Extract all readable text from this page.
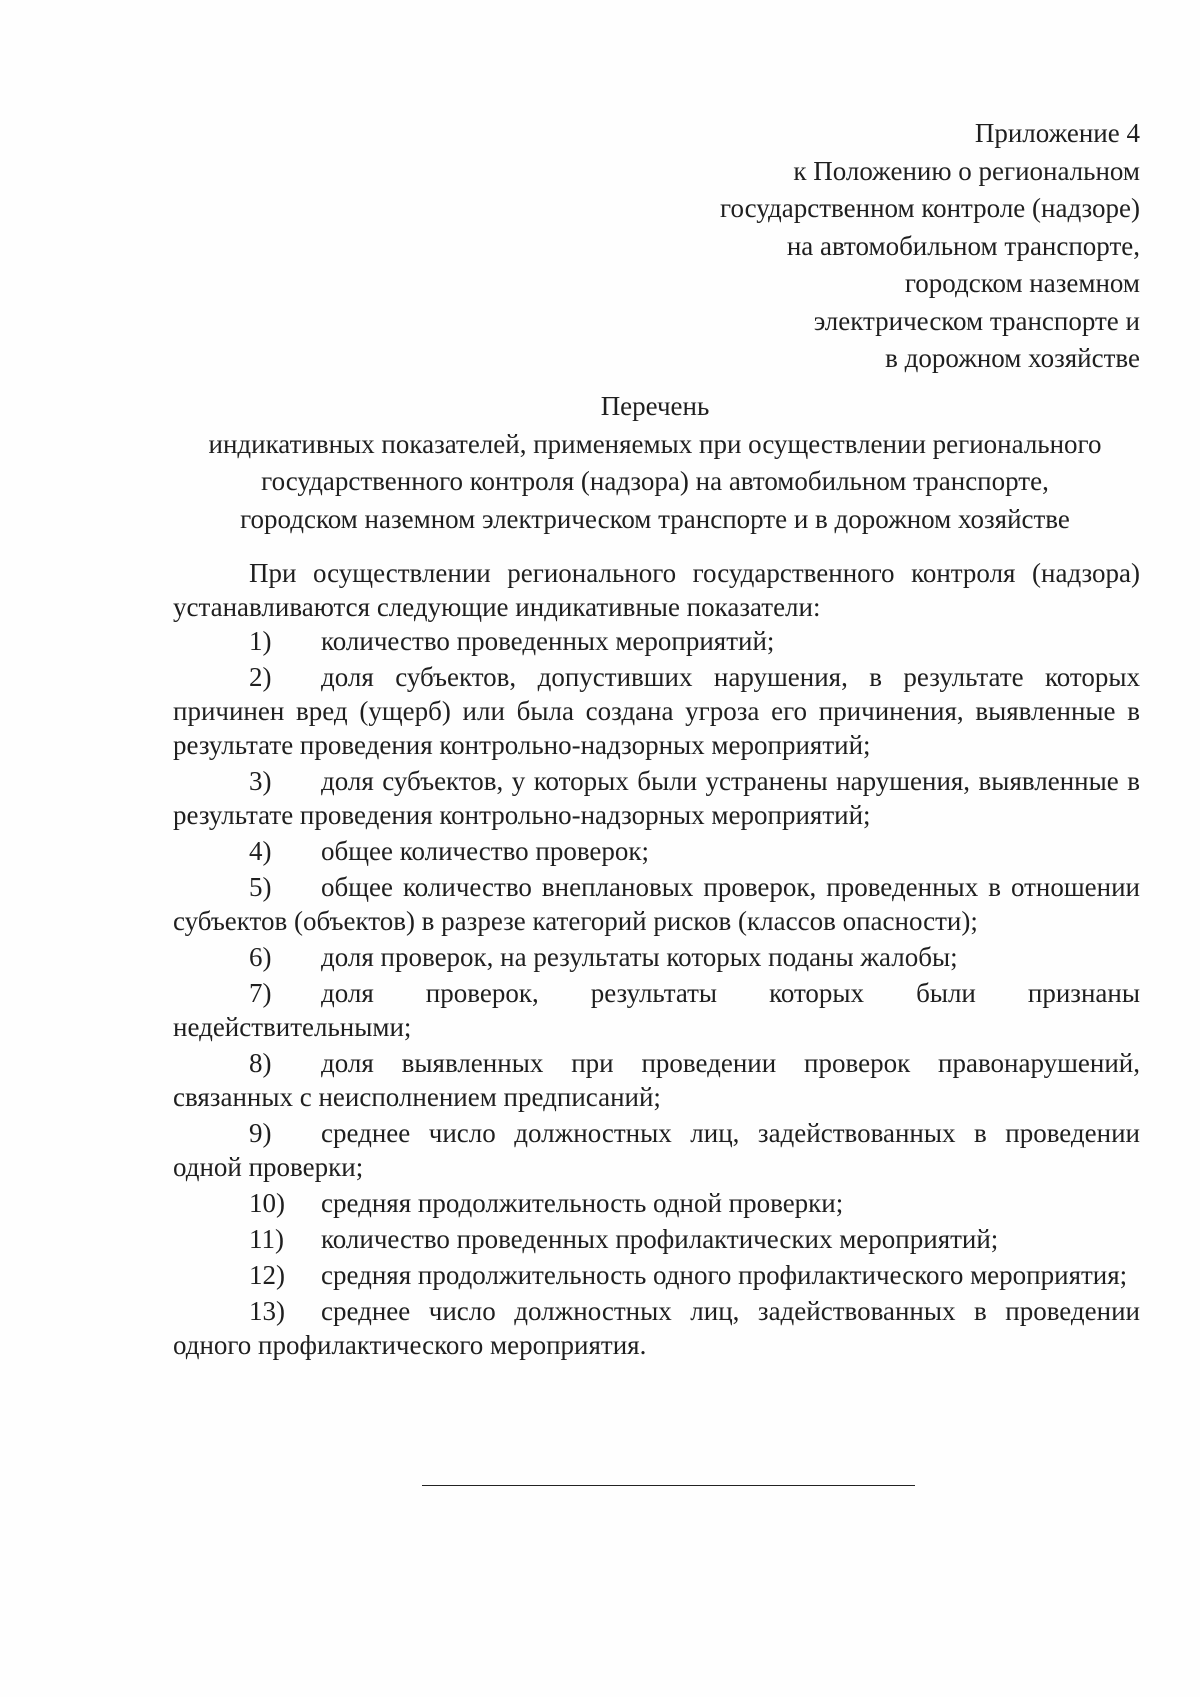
Приложение 4
к Положению о региональном
государственном контроле (надзоре)
на автомобильном транспорте,
городском наземном
электрическом транспорте и
в дорожном хозяйстве
Перечень
индикативных показателей, применяемых при осуществлении регионального
государственного контроля (надзора) на автомобильном транспорте,
городском наземном электрическом транспорте и в дорожном хозяйстве

При осуществлении регионального государственного контроля (надзора) устанавливаются следующие индикативные показатели:

1) количество проведенных мероприятий;

2) доля субъектов, допустивших нарушения, в результате которых причинен вред (ущерб) или была создана угроза его причинения, выявленные в результате проведения контрольно-надзорных мероприятий;

3) доля субъектов, у которых были устранены нарушения, выявленные в результате проведения контрольно-надзорных мероприятий;

4) общее количество проверок;

5) общее количество внеплановых проверок, проведенных в отношении субъектов (объектов) в разрезе категорий рисков (классов опасности);

6) доля проверок, на результаты которых поданы жалобы;

7) доля проверок, результаты которых были признаны недействительными;

8) доля выявленных при проведении проверок правонарушений, связанных с неисполнением предписаний;

9) среднее число должностных лиц, задействованных в проведении одной проверки;

10) средняя продолжительность одной проверки;

11) количество проведенных профилактических мероприятий;

12) средняя продолжительность одного профилактического мероприятия;

13) среднее число должностных лиц, задействованных в проведении одного профилактического мероприятия.
